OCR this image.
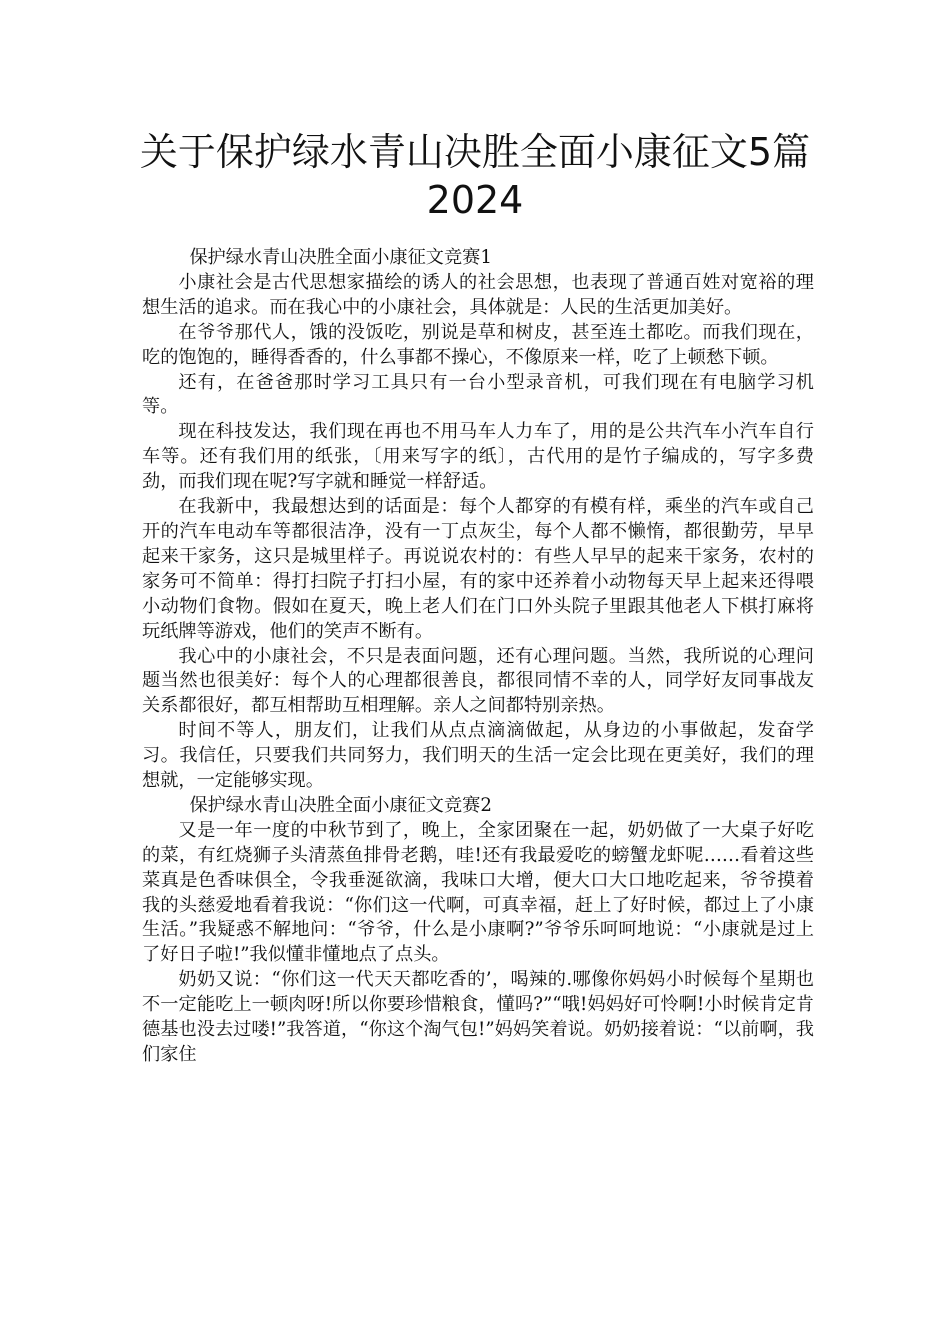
关于保护绿水青山决胜全面小康征文5篇2024

保护绿水青山决胜全面小康征文竞赛1

小康社会是古代思想家描绘的诱人的社会思想，也表现了普通百姓对宽裕的理想生活的追求。而在我心中的小康社会，具体就是：人民的生活更加美好。

在爷爷那代人，饿的没饭吃，别说是草和树皮，甚至连土都吃。而我们现在，吃的饱饱的，睡得香香的，什么事都不操心，不像原来一样，吃了上顿愁下顿。

还有，在爸爸那时学习工具只有一台小型录音机，可我们现在有电脑学习机等。

现在科技发达，我们现在再也不用马车人力车了，用的是公共汽车小汽车自行车等。还有我们用的纸张，〔用来写字的纸〕，古代用的是竹子编成的，写字多费劲，而我们现在呢?写字就和睡觉一样舒适。

在我新中，我最想达到的话面是：每个人都穿的有模有样，乘坐的汽车或自己开的汽车电动车等都很洁净，没有一丁点灰尘，每个人都不懒惰，都很勤劳，早早起来干家务，这只是城里样子。再说说农村的：有些人早早的起来干家务，农村的家务可不简单：得打扫院子打扫小屋，有的家中还养着小动物每天早上起来还得喂小动物们食物。假如在夏天，晚上老人们在门口外头院子里跟其他老人下棋打麻将玩纸牌等游戏，他们的笑声不断有。

我心中的小康社会，不只是表面问题，还有心理问题。当然，我所说的心理问题当然也很美好：每个人的心理都很善良，都很同情不幸的人，同学好友同事战友关系都很好，都互相帮助互相理解。亲人之间都特别亲热。

时间不等人，朋友们，让我们从点点滴滴做起，从身边的小事做起，发奋学习。我信任，只要我们共同努力，我们明天的生活一定会比现在更美好，我们的理想就，一定能够实现。

保护绿水青山决胜全面小康征文竞赛2

又是一年一度的中秋节到了，晚上，全家团聚在一起，奶奶做了一大桌子好吃的菜，有红烧狮子头清蒸鱼排骨老鹅，哇!还有我最爱吃的螃蟹龙虾呢……看着这些菜真是色香味俱全，令我垂涎欲滴，我味口大增，便大口大口地吃起来，爷爷摸着我的头慈爱地看着我说：“你们这一代啊，可真幸福，赶上了好时候，都过上了小康生活。”我疑惑不解地问：“爷爷，什么是小康啊?”爷爷乐呵呵地说：“小康就是过上了好日子啦!”我似懂非懂地点了点头。

奶奶又说：“你们这一代天天都吃香的’，喝辣的.哪像你妈妈小时候每个星期也不一定能吃上一顿肉呀!所以你要珍惜粮食，懂吗?”“哦!妈妈好可怜啊!小时候肯定肯德基也没去过喽!”我答道，“你这个淘气包!”妈妈笑着说。奶奶接着说：“以前啊，我们家住
